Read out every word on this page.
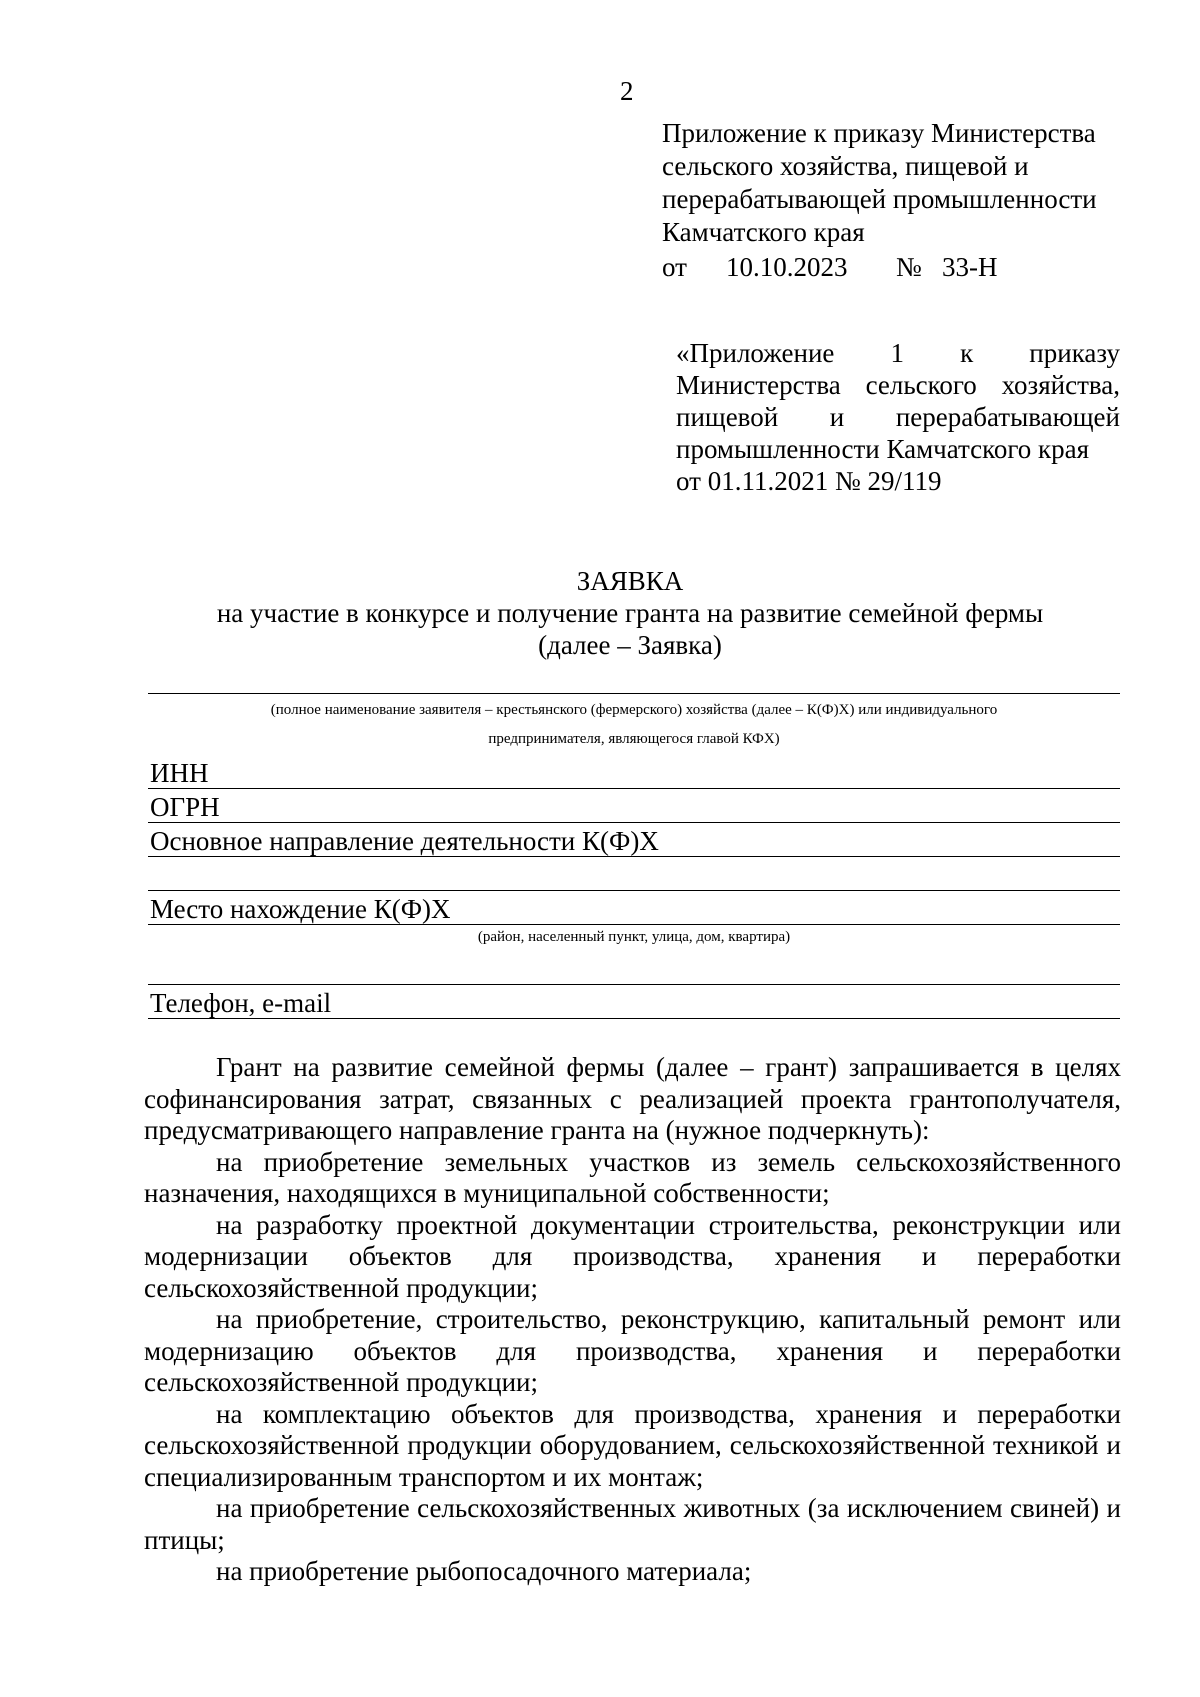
2
Приложение к приказу Министерства
сельского хозяйства, пищевой и
перерабатывающей промышленности
Камчатского края
от 10.10.2023 № 33-Н
«Приложение 1 к приказу
Министерства сельского хозяйства,
пищевой и перерабатывающей
промышленности Камчатского края
от 01.11.2021 № 29/119
ЗАЯВКА
на участие в конкурсе и получение гранта на развитие семейной фермы
(далее – Заявка)
(полное наименование заявителя – крестьянского (фермерского) хозяйства (далее – К(Ф)Х) или индивидуального
предпринимателя, являющегося главой КФХ)
ИНН
ОГРН
Основное направление деятельности К(Ф)Х
Место нахождение К(Ф)Х
(район, населенный пункт, улица, дом, квартира)
Телефон, e-mail

Грант на развитие семейной фермы (далее – грант) запрашивается в целях софинансирования затрат, связанных с реализацией проекта грантополучателя, предусматривающего направление гранта на (нужное подчеркнуть):

на приобретение земельных участков из земель сельскохозяйственного назначения, находящихся в муниципальной собственности;

на разработку проектной документации строительства, реконструкции или модернизации объектов для производства, хранения и переработки сельскохозяйственной продукции;

на приобретение, строительство, реконструкцию, капитальный ремонт или модернизацию объектов для производства, хранения и переработки сельскохозяйственной продукции;

на комплектацию объектов для производства, хранения и переработки сельскохозяйственной продукции оборудованием, сельскохозяйственной техникой и специализированным транспортом и их монтаж;

на приобретение сельскохозяйственных животных (за исключением свиней) и птицы;

на приобретение рыбопосадочного материала;
